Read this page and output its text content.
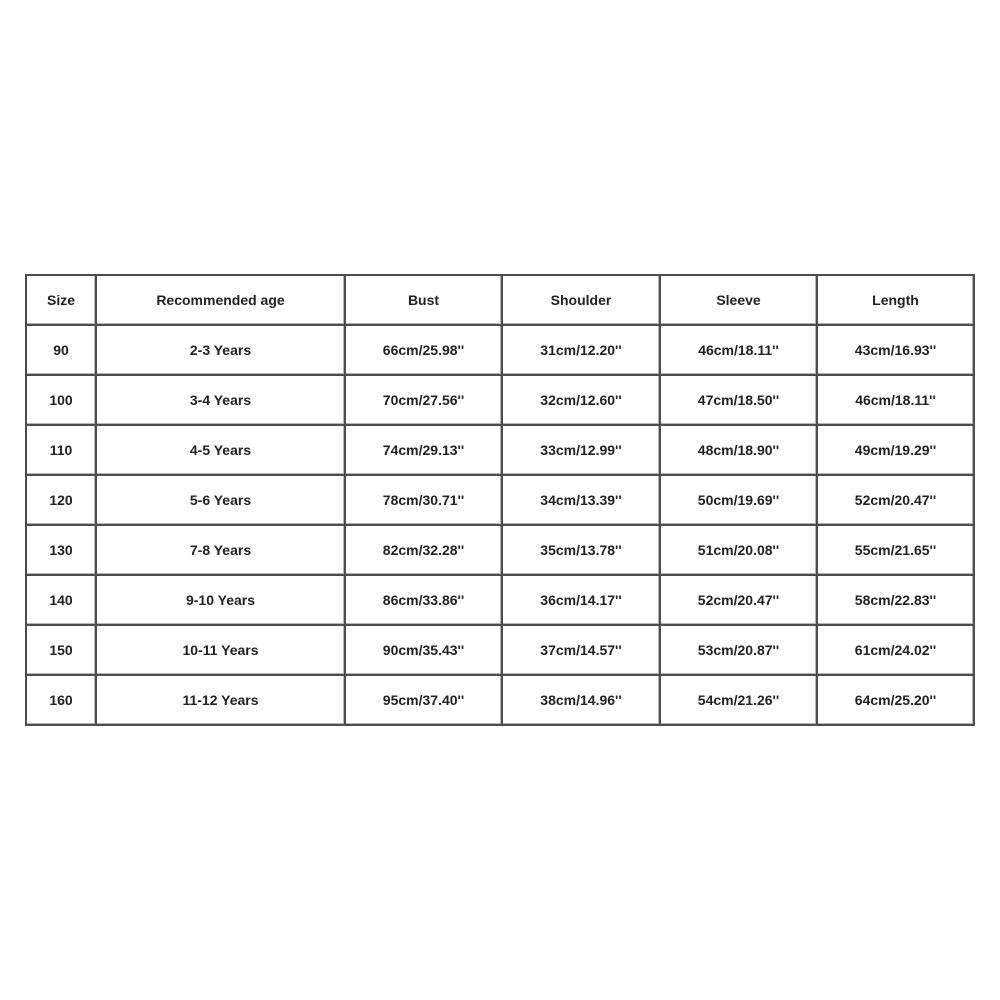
Size	Recommended age	Bust	Shoulder	Sleeve	Length
90	2-3 Years	66cm/25.98''	31cm/12.20''	46cm/18.11''	43cm/16.93''
100	3-4 Years	70cm/27.56''	32cm/12.60''	47cm/18.50''	46cm/18.11''
110	4-5 Years	74cm/29.13''	33cm/12.99''	48cm/18.90''	49cm/19.29''
120	5-6 Years	78cm/30.71''	34cm/13.39''	50cm/19.69''	52cm/20.47''
130	7-8 Years	82cm/32.28''	35cm/13.78''	51cm/20.08''	55cm/21.65''
140	9-10 Years	86cm/33.86''	36cm/14.17''	52cm/20.47''	58cm/22.83''
150	10-11 Years	90cm/35.43''	37cm/14.57''	53cm/20.87''	61cm/24.02''
160	11-12 Years	95cm/37.40''	38cm/14.96''	54cm/21.26''	64cm/25.20''
